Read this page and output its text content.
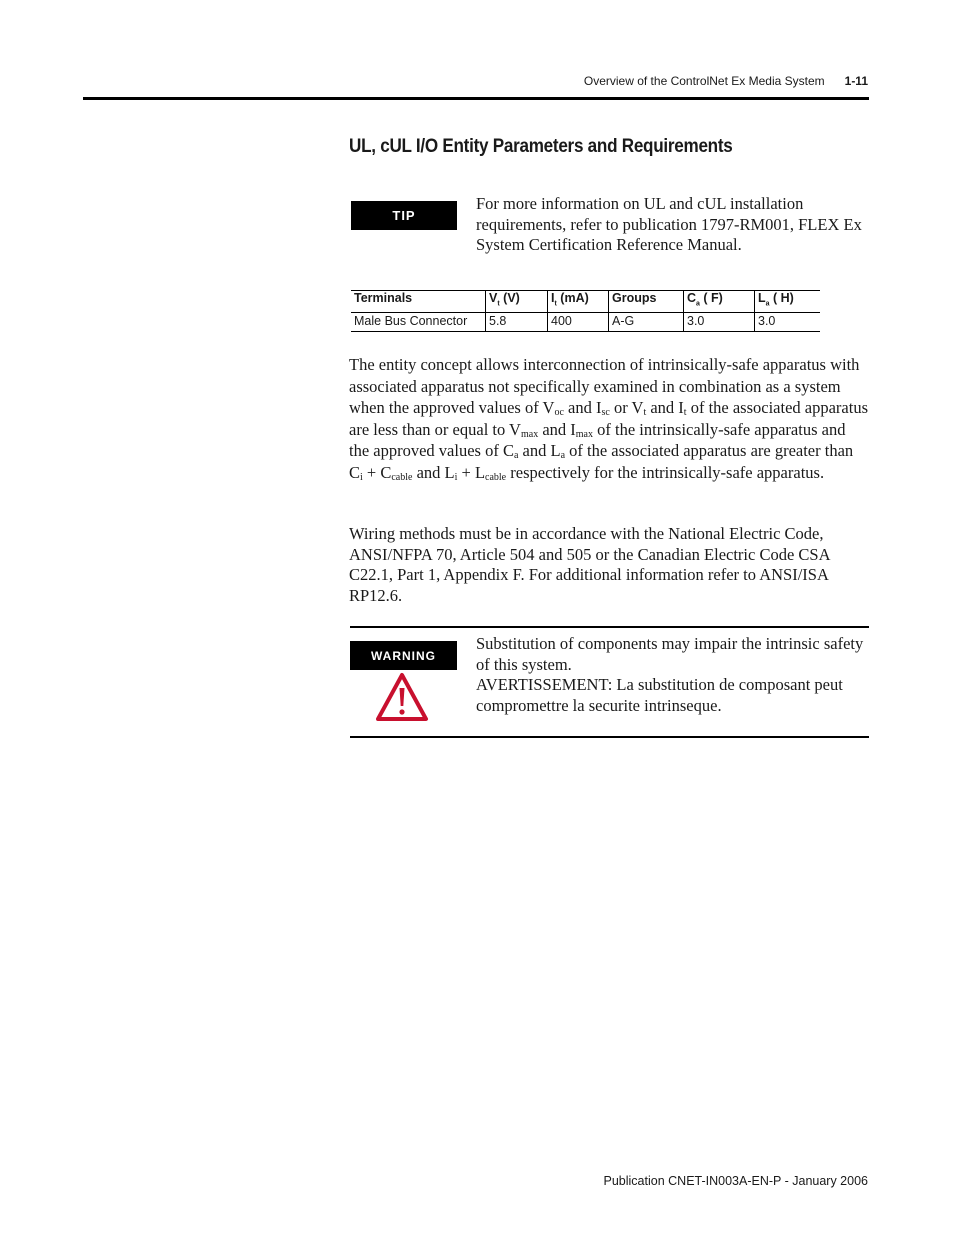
Overview of the ControlNet Ex Media System 1-11
UL, cUL I/O Entity Parameters and Requirements
TIP
For more information on UL and cUL installation requirements, refer to publication 1797-RM001, FLEX Ex System Certification Reference Manual.
Terminals	$V_t$ (V)	$I_t$ (mA)	Groups	$C_a$ ( F)	$L_a$ ( H)
Male Bus Connector	5.8	400	A-G	3.0	3.0
The entity concept allows interconnection of intrinsically-safe apparatus with associated apparatus not specifically examined in combination as a system when the approved values of $V_{oc}$ and $I_{sc}$ or $V_t$ and $I_t$ of the associated apparatus are less than or equal to $V_{max}$ and $I_{max}$ of the intrinsically-safe apparatus and the approved values of $C_a$ and $L_a$ of the associated apparatus are greater than $C_i + C_{cable}$ and $L_i + L_{cable}$ respectively for the intrinsically-safe apparatus.
Wiring methods must be in accordance with the National Electric Code, ANSI/NFPA 70, Article 504 and 505 or the Canadian Electric Code CSA C22.1, Part 1, Appendix F. For additional information refer to ANSI/ISA RP12.6.
WARNING
Substitution of components may impair the intrinsic safety of this system.
AVERTISSEMENT: La substitution de composant peut compromettre la securite intrinseque.
Publication CNET-IN003A-EN-P - January 2006
